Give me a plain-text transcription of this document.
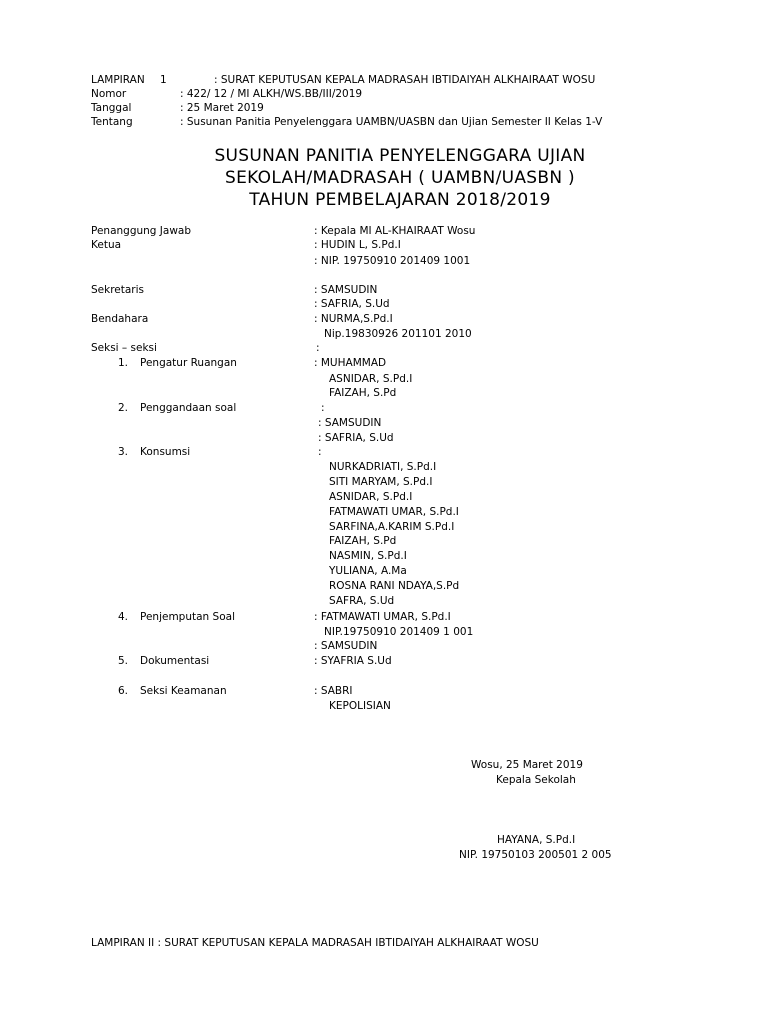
LAMPIRAN 1	: SURAT KEPUTUSAN KEPALA MADRASAH IBTIDAIYAH ALKHAIRAAT WOSU
Nomor	: 422/ 12 / MI ALKH/WS.BB/III/2019
Tanggal	: 25 Maret 2019
Tentang	: Susunan Panitia Penyelenggara UAMBN/UASBN dan Ujian Semester II Kelas 1-V
SUSUNAN PANITIA PENYELENGGARA UJIAN
SEKOLAH/MADRASAH ( UAMBN/UASBN )
TAHUN PEMBELAJARAN 2018/2019
Penanggung Jawab	: Kepala MI AL-KHAIRAAT Wosu
Ketua	: HUDIN L, S.Pd.I
: NIP. 19750910 201409 1001
Sekretaris	: SAMSUDIN
: SAFRIA, S.Ud
Bendahara	: NURMA,S.Pd.I
Nip.19830926 201101 2010
Seksi – seksi	:
1. Pengatur Ruangan	: MUHAMMAD
ASNIDAR, S.Pd.I
FAIZAH, S.Pd
2. Penggandaan soal	:
: SAMSUDIN
: SAFRIA, S.Ud
3. Konsumsi	:
NURKADRIATI, S.Pd.I
SITI MARYAM, S.Pd.I
ASNIDAR, S.Pd.I
FATMAWATI UMAR, S.Pd.I
SARFINA,A.KARIM S.Pd.I
FAIZAH, S.Pd
NASMIN, S.Pd.I
YULIANA, A.Ma
ROSNA RANI NDAYA,S.Pd
SAFRA, S.Ud
4. Penjemputan Soal	: FATMAWATI UMAR, S.Pd.I
NIP.19750910 201409 1 001
: SAMSUDIN
5. Dokumentasi	: SYAFRIA S.Ud
6. Seksi Keamanan	: SABRI
KEPOLISIAN
Wosu, 25 Maret 2019
Kepala Sekolah
HAYANA, S.Pd.I
NIP. 19750103 200501 2 005
LAMPIRAN II : SURAT KEPUTUSAN KEPALA MADRASAH IBTIDAIYAH ALKHAIRAAT WOSU
